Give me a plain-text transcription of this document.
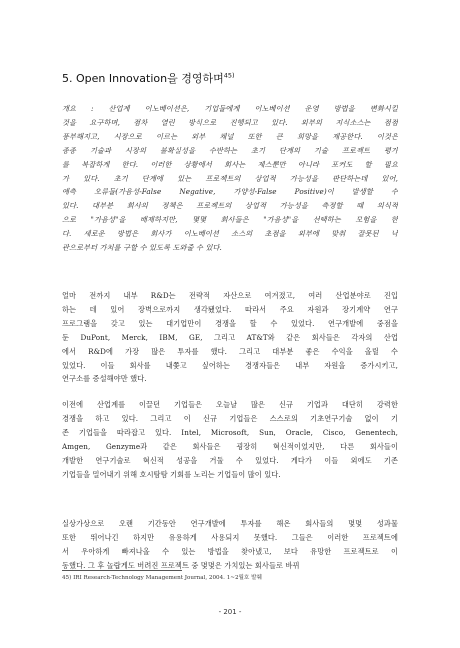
5. Open Innovation을 경영하며$^{45)}$
개요 : 산업계 이노베이션은, 기업들에게 이노베이션 운영 방법을 변화시킬
것을 요구하며, 점차 열린 방식으로 진행되고 있다. 외부의 지식소스는 점점
풍부해지고, 시장으로 이르는 외부 채널 또한 큰 희망을 제공한다. 이것은
종종 기술과 시장의 불확실성을 수반하는 초기 단계의 기술 프로젝트 평가
를 복잡하게 한다. 이러한 상황에서 회사는 제스뿐만 아니라 포커도 할 필요
가 있다. 초기 단계에 있는 프로젝트의 상업적 가능성을 판단하는데 있어,
예측 오류들(가음성-False Negative, 가양성-False Positive)이 발생할 수
있다. 대부분 회사의 정책은 프로젝트의 상업적 가능성을 측정할 때 의식적
으로 "가음성"을 배제하지만, 몇몇 회사들은 "가음성"을 선택하는 모험을 한
다. 새로운 방법은 회사가 이노베이션 소스의 초점을 외부에 맞춰 잘못된 낙
관으로부터 가치를 구할 수 있도록 도와줄 수 있다.
얼마 전까지 내부 R&D는 전략적 자산으로 여겨졌고, 여러 산업분야로 진입
하는 데 있어 장벽으로까지 생각됐었다. 따라서 주요 자원과 장기계약 연구
프로그램을 갖고 있는 대기업만이 경쟁을 할 수 있었다. 연구개발에 중점을
둔 DuPont, Merck, IBM, GE, 그리고 AT&T와 같은 회사들은 각자의 산업
에서 R&D에 가장 많은 투자를 했다. 그리고 대부분 좋은 수익을 올릴 수
있었다. 이들 회사를 내쫓고 싶어하는 경쟁자들은 내부 자원을 증가시키고,
연구소를 증설해야만 했다.
이전에 산업계를 이끌던 기업들은 오늘날 많은 신규 기업과 대단히 강력한
경쟁을 하고 있다. 그리고 이 신규 기업들은 스스로의 기초연구기술 없이 기
존 기업들을 따라잡고 있다. Intel, Microsoft, Sun, Oracle, Cisco, Genentech,
Amgen, Genzyme과 같은 회사들은 굉장히 혁신적이었지만, 다른 회사들이
개발한 연구기술로 혁신적 성공을 거둘 수 있었다. 게다가 이들 외에도 기존
기업들을 밀어내기 위해 호시탐탐 기회를 노리는 기업들이 많이 있다.
실상가상으로 오랜 기간동안 연구개발에 투자를 해온 회사들의 몇몇 성과물
또한 뛰어나긴 하지만 유용하게 사용되지 못했다. 그들은 이러한 프로젝트에
서 우아하게 빠져나올 수 있는 방법을 찾아냈고, 보다 유망한 프로젝트로 이
동했다. 그 후 놀랍게도 버려진 프로젝트 중 몇몇은 가치있는 회사들로 바뀌
45) IRI Research-Technology Management Journal, 2004. 1~2월호 발췌
- 201 -
